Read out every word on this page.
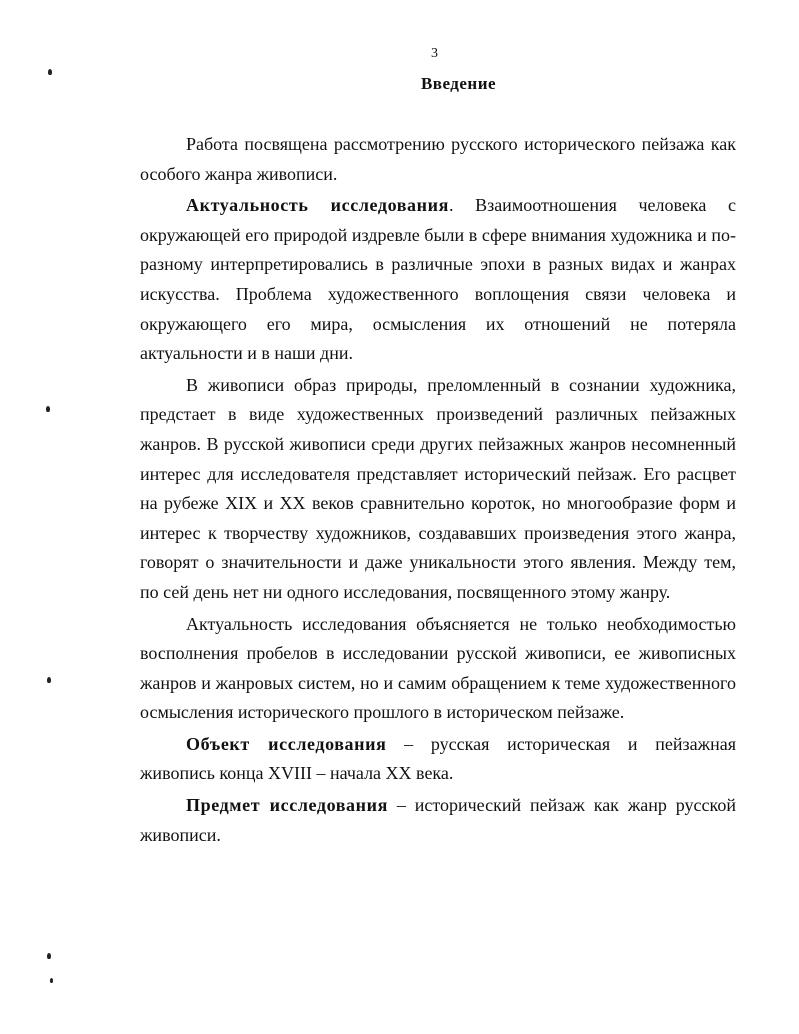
3
Введение

Работа посвящена рассмотрению русского исторического пейзажа как особого жанра живописи.

Актуальность исследования. Взаимоотношения человека с окружающей его природой издревле были в сфере внимания художника и по-разному интерпретировались в различные эпохи в разных видах и жанрах искусства. Проблема художественного воплощения связи человека и окружающего его мира, осмысления их отношений не потеряла актуальности и в наши дни.

В живописи образ природы, преломленный в сознании художника, предстает в виде художественных произведений различных пейзажных жанров. В русской живописи среди других пейзажных жанров несомненный интерес для исследователя представляет исторический пейзаж. Его расцвет на рубеже XIX и XX веков сравнительно короток, но многообразие форм и интерес к творчеству художников, создававших произведения этого жанра, говорят о значительности и даже уникальности этого явления. Между тем, по сей день нет ни одного исследования, посвященного этому жанру.

Актуальность исследования объясняется не только необходимостью восполнения пробелов в исследовании русской живописи, ее живописных жанров и жанровых систем, но и самим обращением к теме художественного осмысления исторического прошлого в историческом пейзаже.

Объект исследования – русская историческая и пейзажная живопись конца XVIII – начала XX века.

Предмет исследования – исторический пейзаж как жанр русской живописи.
